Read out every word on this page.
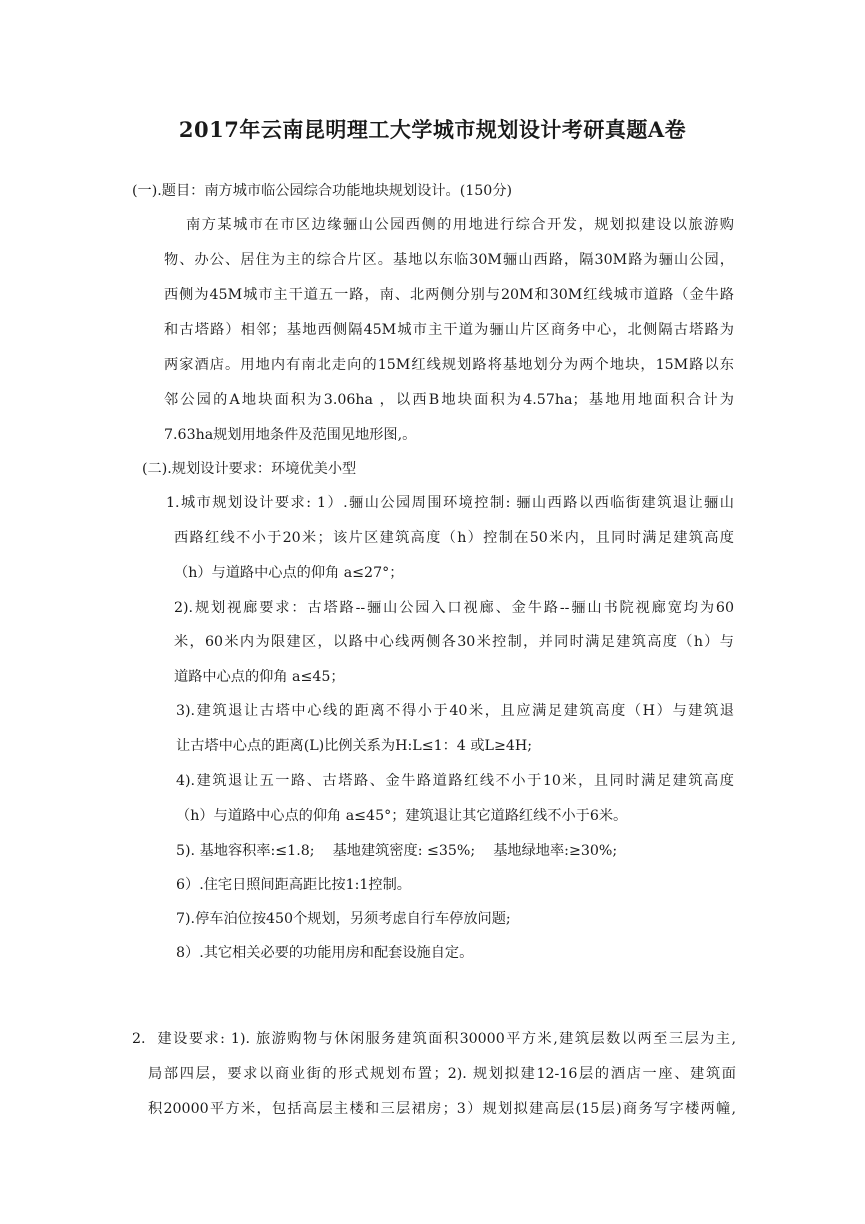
2017年云南昆明理工大学城市规划设计考研真题A卷
(一).题目：南方城市临公园综合功能地块规划设计。(150分)
南方某城市在市区边缘骊山公园西侧的用地进行综合开发，规划拟建设以旅游购
物、办公、居住为主的综合片区。基地以东临30M骊山西路，隔30M路为骊山公园，
西侧为45M城市主干道五一路，南、北两侧分别与20M和30M红线城市道路（金牛路
和古塔路）相邻；基地西侧隔45M城市主干道为骊山片区商务中心，北侧隔古塔路为
两家酒店。用地内有南北走向的15M红线规划路将基地划分为两个地块，15M路以东
邻公园的A地块面积为3.06ha ，以西B地块面积为4.57ha；基地用地面积合计为
7.63ha规划用地条件及范围见地形图,。
(二).规划设计要求：环境优美小型
1.城市规划设计要求: 1）.骊山公园周围环境控制: 骊山西路以西临街建筑退让骊山
西路红线不小于20米；该片区建筑高度（h）控制在50米内，且同时满足建筑高度
（h）与道路中心点的仰角 a≤27°；
2).规划视廊要求：古塔路--骊山公园入口视廊、金牛路--骊山书院视廊宽均为60
米，60米内为限建区，以路中心线两侧各30米控制，并同时满足建筑高度（h）与
道路中心点的仰角 a≤45；
3).建筑退让古塔中心线的距离不得小于40米，且应满足建筑高度（H）与建筑退
让古塔中心点的距离(L)比例关系为H:L≤1：4 或L≥4H;
4).建筑退让五一路、古塔路、金牛路道路红线不小于10米，且同时满足建筑高度
（h）与道路中心点的仰角 a≤45°；建筑退让其它道路红线不小于6米。
5). 基地容积率:≤1.8;    基地建筑密度: ≤35%;    基地绿地率:≥30%;
6）.住宅日照间距高距比按1:1控制。
7).停车泊位按450个规划，另须考虑自行车停放问题;
8）.其它相关必要的功能用房和配套设施自定。
2.  建设要求: 1). 旅游购物与休闲服务建筑面积30000平方米,建筑层数以两至三层为主,
局部四层，要求以商业街的形式规划布置；2). 规划拟建12-16层的酒店一座、建筑面
积20000平方米，包括高层主楼和三层裙房；3）规划拟建高层(15层)商务写字楼两幢,
